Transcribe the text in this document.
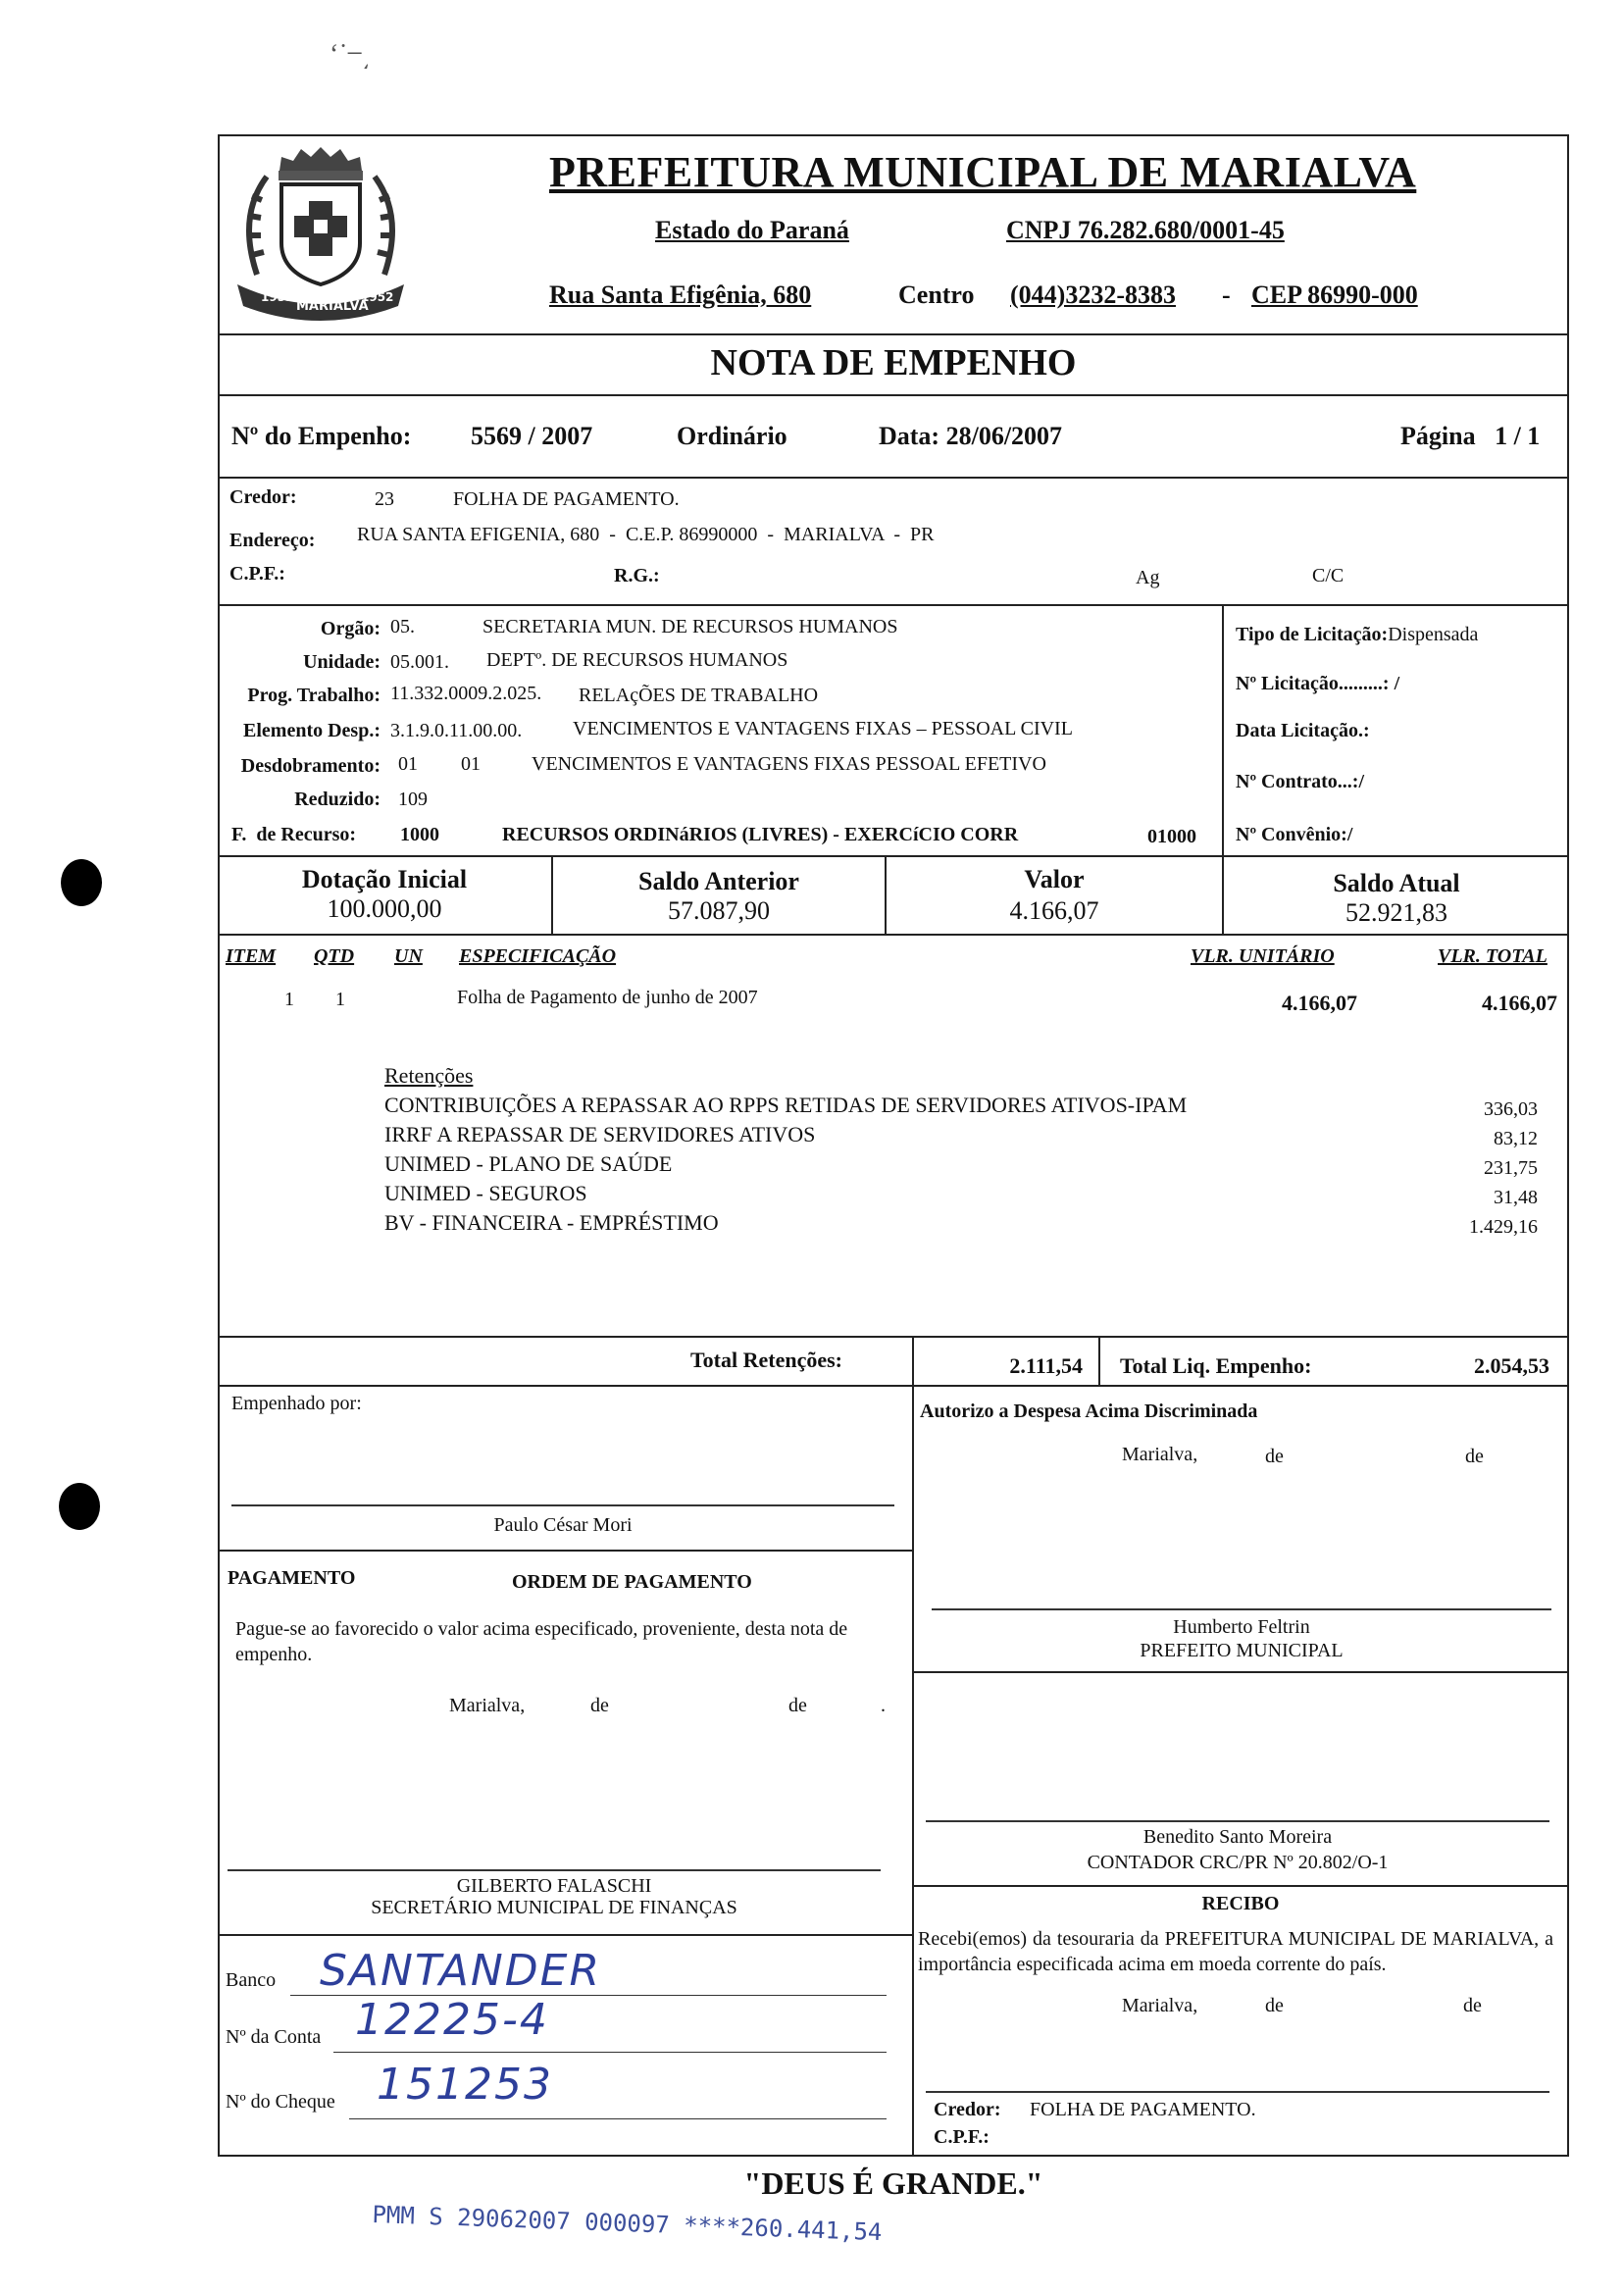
ʻ˙ ̶ ͵
1951
MARIALVA
1952
PREFEITURA MUNICIPAL DE MARIALVA
Estado do Paraná	CNPJ 76.282.680/0001-45
Rua Santa Efigênia, 680	Centro (044)3232-8383 - CEP 86990-000
NOTA DE EMPENHO
Nº do Empenho: 5569 / 2007	Ordinário	Data: 28/06/2007	Página   1 / 1
Credor:	23	FOLHA DE PAGAMENTO.
Endereço: RUA SANTA EFIGENIA, 680  -  C.E.P. 86990000  -  MARIALVA  -  PR
C.P.F.:	R.G.:	Ag	C/C
Orgão: 05.	SECRETARIA MUN. DE RECURSOS HUMANOS
Unidade: 05.001. DEPTº. DE RECURSOS HUMANOS
Prog. Trabalho: 11.332.0009.2.025. RELAçÕES DE TRABALHO
Elemento Desp.: 3.1.9.0.11.00.00.	VENCIMENTOS E VANTAGENS FIXAS – PESSOAL CIVIL
Desdobramento: 01 01	VENCIMENTOS E VANTAGENS FIXAS PESSOAL EFETIVO
Reduzido: 109
F.  de Recurso: 1000	RECURSOS ORDINáRIOS (LIVRES) - EXERCíCIO CORR	01000
Tipo de Licitação:Dispensada
Nº Licitação.........: /
Data Licitação.:
Nº Contrato...:/
Nº Convênio:/
Dotação Inicial
100.000,00
Saldo Anterior
57.087,90
Valor
4.166,07
Saldo Atual
52.921,83
ITEM QTD UN ESPECIFICAÇÃO	VLR. UNITÁRIO	VLR. TOTAL
1 1	Folha de Pagamento de junho de 2007	4.166,07	4.166,07
Retenções
CONTRIBUIÇÕES A REPASSAR AO RPPS RETIDAS DE SERVIDORES ATIVOS-IPAM	336,03
IRRF A REPASSAR DE SERVIDORES ATIVOS	83,12
UNIMED - PLANO DE SAÚDE	231,75
UNIMED - SEGUROS	31,48
BV - FINANCEIRA - EMPRÉSTIMO	1.429,16
Total Retenções:	2.111,54 Total Liq. Empenho:	2.054,53
Empenhado por:
Paulo César Mori
PAGAMENTO	ORDEM DE PAGAMENTO
Pague-se ao favorecido o valor acima especificado, proveniente, desta nota de empenho.
Marialva,	de	de	.
GILBERTO FALASCHI
SECRETÁRIO MUNICIPAL DE FINANÇAS
Banco SANTANDER
Nº da Conta 12225-4
Nº do Cheque 151253
Autorizo a Despesa Acima Discriminada
Marialva,	de	de
Humberto Feltrin
PREFEITO MUNICIPAL
Benedito Santo Moreira
CONTADOR CRC/PR Nº 20.802/O-1
RECIBO
Recebi(emos) da tesouraria da PREFEITURA MUNICIPAL DE MARIALVA, a importância especificada acima em moeda corrente do país.
Marialva,	de	de
Credor: FOLHA DE PAGAMENTO.
C.P.F.:
"DEUS É GRANDE."
PMM S 29062007 000097 ****260.441,54
